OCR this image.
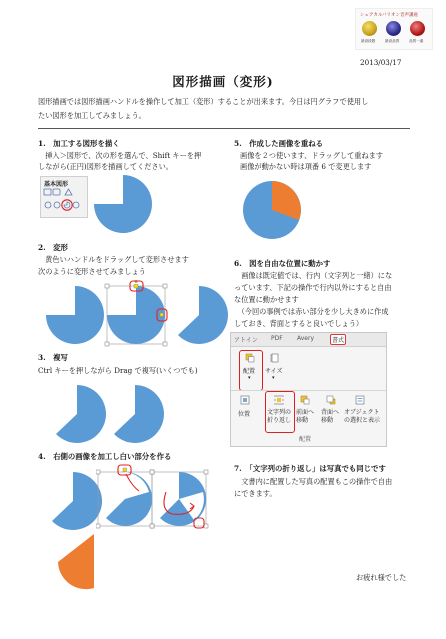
シェアカルバリオン音声講座
最高段階	最高品質	品質一番
2013/03/17
図形描画（変形)
図形描画では図形描画ハンドルを操作して加工（変形）することが出来ます。今日は円グラフで使用し
たい図形を加工してみましょう。
1.　加工する図形を描く
　挿入＞図形で、次の形を選んで、Shift キーを押
しながら(正円)図形を描画してください。
基本図形
2.　変形
　黄色いハンドルをドラッグして変形させます
次のように変形させてみましょう
3.　複写
Ctrl キーを押しながら Drag で複写(いくつでも)
4.　右側の画像を加工し白い部分を作る
5.　作成した画像を重ねる
画像を２つ使います、ドラッグして重ねます
画像が動かない時は項番 6 で変更します
6.　図を自由な位置に動かす
　画像は既定値では、行内（文字列と一緒）にな
っています、下記の操作で行内以外にすると自由
な位置に動かせます
　（今回の事例では赤い部分を少し大きめに作成
しておき、背面とすると良いでしょう）
アトイン PDF Avery	書式
配置
▾
サイズ
▾
位置	文字列の折り返し
前面へ移動
背面へ移動
オブジェクトの選択と表示
配置
7.　「文字列の折り返し」は写真でも同じです
　文書内に配置した写真の配置もこの操作で自由
にできます。
お疲れ様でした
